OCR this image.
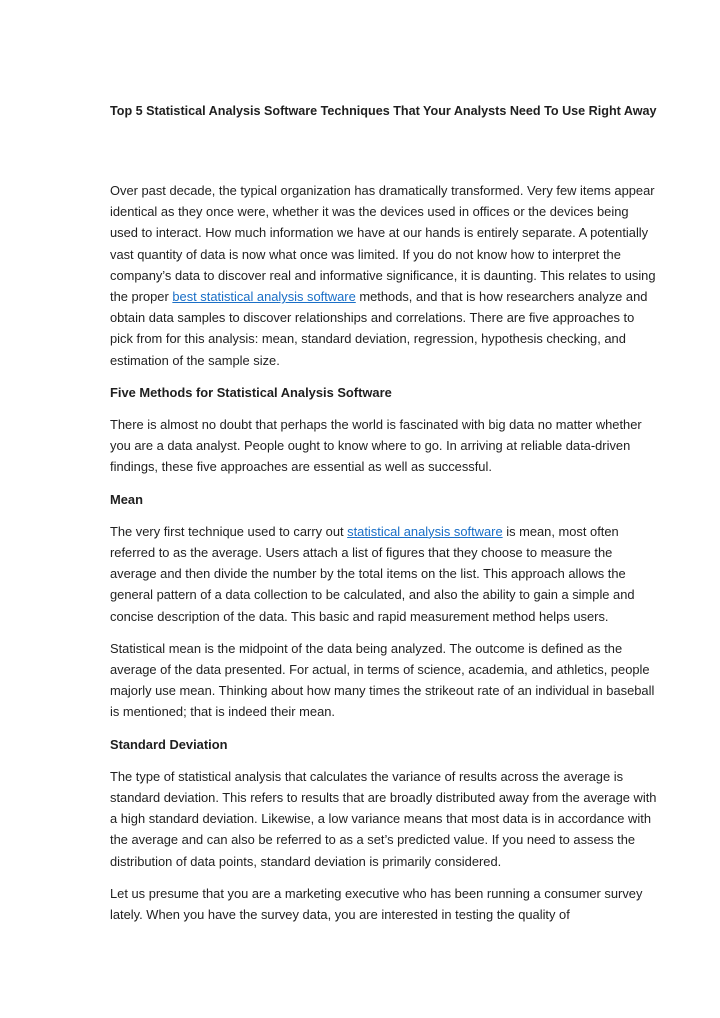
Top 5 Statistical Analysis Software Techniques That Your Analysts Need To Use Right Away

Over past decade, the typical organization has dramatically transformed. Very few items appear identical as they once were, whether it was the devices used in offices or the devices being used to interact. How much information we have at our hands is entirely separate. A potentially vast quantity of data is now what once was limited. If you do not know how to interpret the company’s data to discover real and informative significance, it is daunting. This relates to using the proper best statistical analysis software methods, and that is how researchers analyze and obtain data samples to discover relationships and correlations. There are five approaches to pick from for this analysis: mean, standard deviation, regression, hypothesis checking, and estimation of the sample size.

Five Methods for Statistical Analysis Software

There is almost no doubt that perhaps the world is fascinated with big data no matter whether you are a data analyst. People ought to know where to go. In arriving at reliable data-driven findings, these five approaches are essential as well as successful.

Mean

The very first technique used to carry out statistical analysis software is mean, most often referred to as the average. Users attach a list of figures that they choose to measure the average and then divide the number by the total items on the list. This approach allows the general pattern of a data collection to be calculated, and also the ability to gain a simple and concise description of the data. This basic and rapid measurement method helps users.

Statistical mean is the midpoint of the data being analyzed. The outcome is defined as the average of the data presented. For actual, in terms of science, academia, and athletics, people majorly use mean. Thinking about how many times the strikeout rate of an individual in baseball is mentioned; that is indeed their mean.

Standard Deviation

The type of statistical analysis that calculates the variance of results across the average is standard deviation. This refers to results that are broadly distributed away from the average with a high standard deviation. Likewise, a low variance means that most data is in accordance with the average and can also be referred to as a set’s predicted value. If you need to assess the distribution of data points, standard deviation is primarily considered.

Let us presume that you are a marketing executive who has been running a consumer survey lately. When you have the survey data, you are interested in testing the quality of
